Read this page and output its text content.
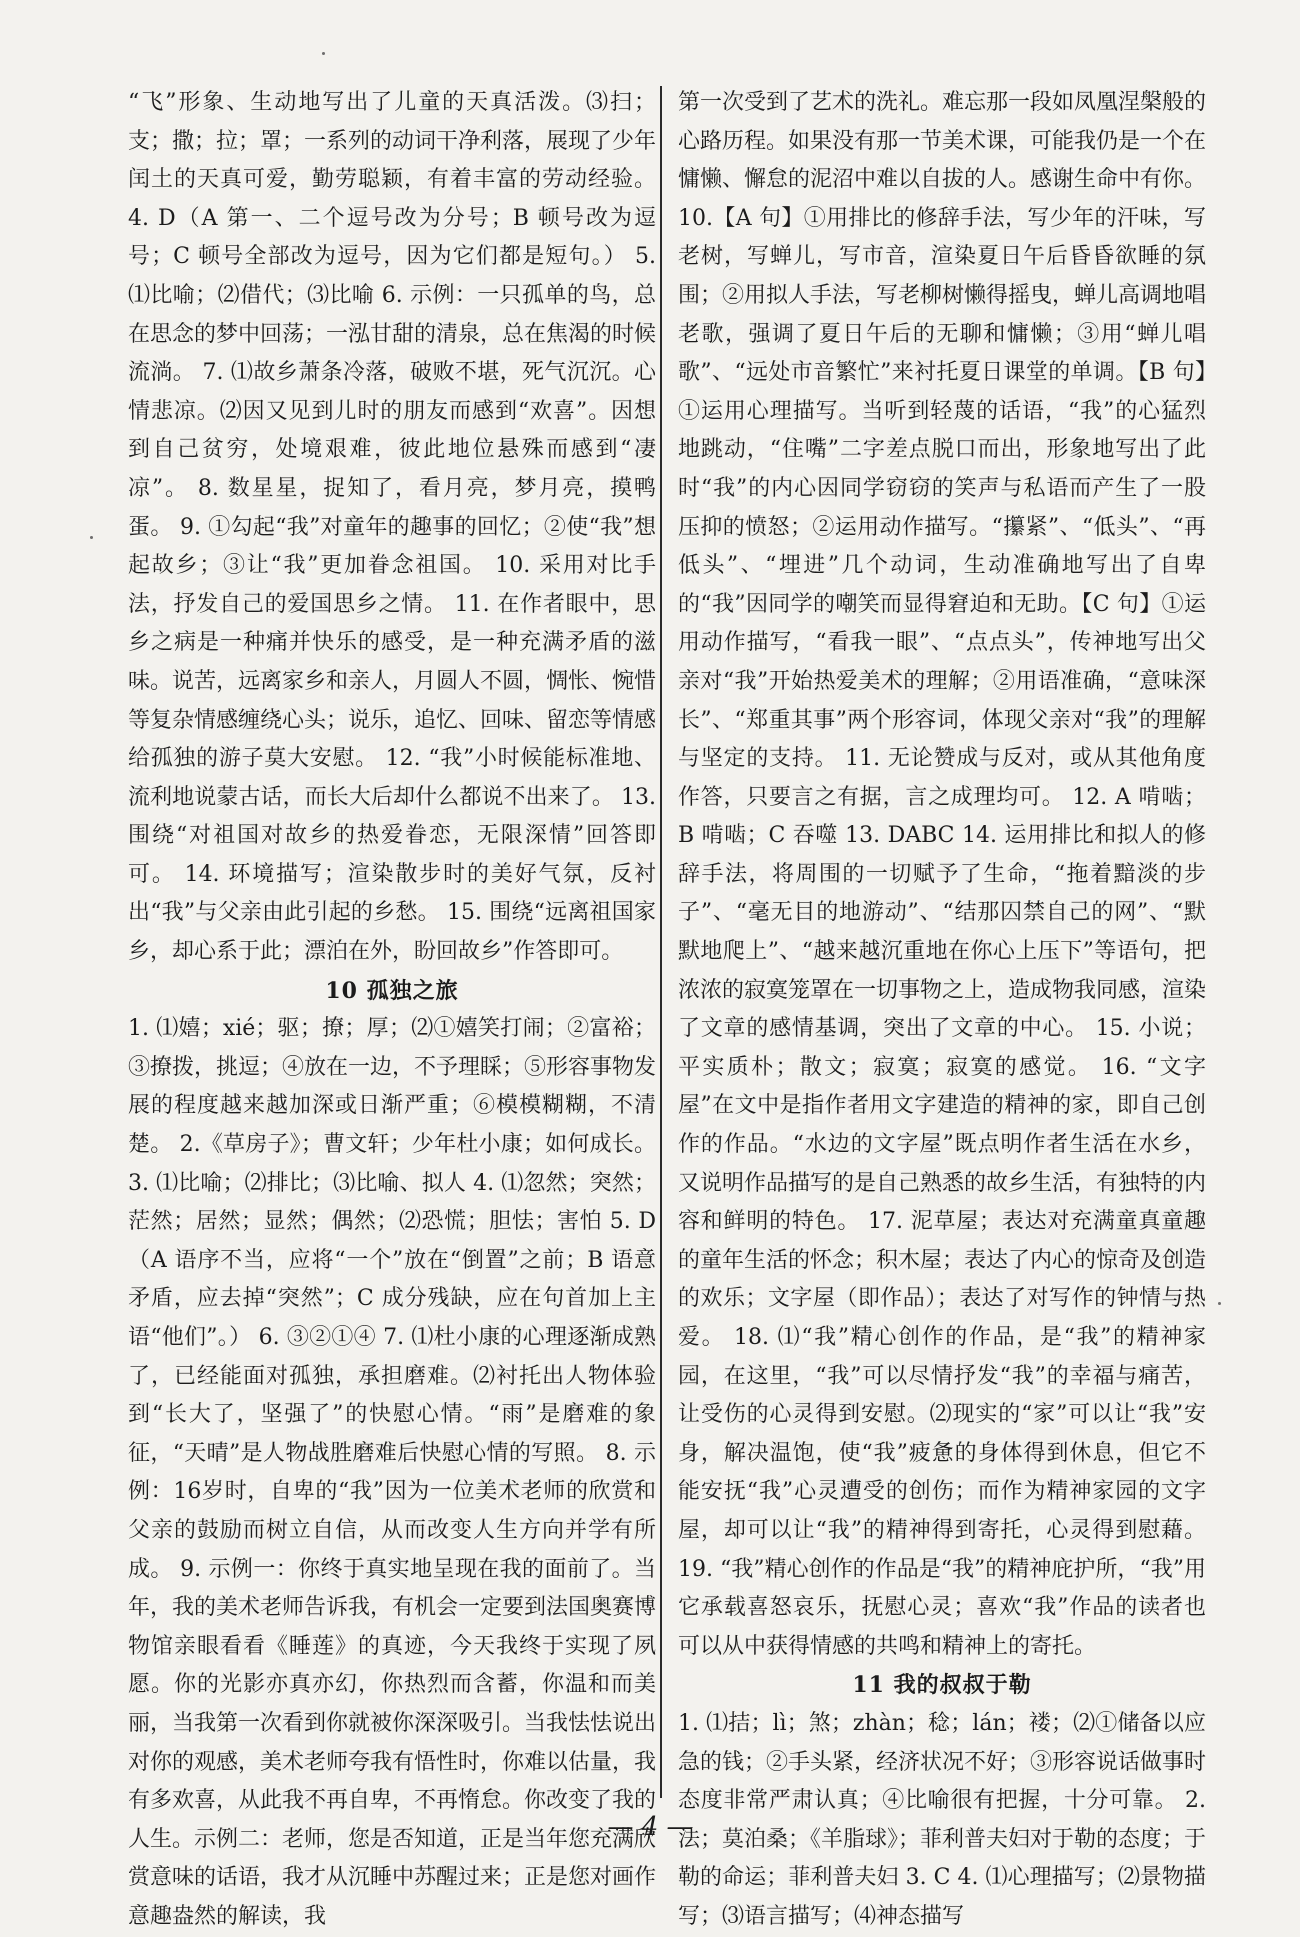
“飞”形象、生动地写出了儿童的天真活泼。⑶扫；支；撒；拉；罩；一系列的动词干净利落，展现了少年闰土的天真可爱，勤劳聪颖，有着丰富的劳动经验。 4. D（A 第一、二个逗号改为分号；B 顿号改为逗号；C 顿号全部改为逗号，因为它们都是短句。） 5. ⑴比喻；⑵借代；⑶比喻 6. 示例：一只孤单的鸟，总在思念的梦中回荡；一泓甘甜的清泉，总在焦渴的时候流淌。 7. ⑴故乡萧条冷落，破败不堪，死气沉沉。心情悲凉。⑵因又见到儿时的朋友而感到“欢喜”。因想到自己贫穷，处境艰难，彼此地位悬殊而感到“凄凉”。 8. 数星星，捉知了，看月亮，梦月亮，摸鸭蛋。 9. ①勾起“我”对童年的趣事的回忆；②使“我”想起故乡；③让“我”更加眷念祖国。 10. 采用对比手法，抒发自己的爱国思乡之情。 11. 在作者眼中，思乡之病是一种痛并快乐的感受，是一种充满矛盾的滋味。说苦，远离家乡和亲人，月圆人不圆，惆怅、惋惜等复杂情感缠绕心头；说乐，追忆、回味、留恋等情感给孤独的游子莫大安慰。 12. “我”小时候能标准地、流利地说蒙古话，而长大后却什么都说不出来了。 13. 围绕“对祖国对故乡的热爱眷恋，无限深情”回答即可。 14. 环境描写；渲染散步时的美好气氛，反衬出“我”与父亲由此引起的乡愁。 15. 围绕“远离祖国家乡，却心系于此；漂泊在外，盼回故乡”作答即可。

10 孤独之旅

1. ⑴嬉；xié；驱；撩；厚；⑵①嬉笑打闹；②富裕；③撩拨，挑逗；④放在一边，不予理睬；⑤形容事物发展的程度越来越加深或日渐严重；⑥模模糊糊，不清楚。 2.《草房子》；曹文轩；少年杜小康；如何成长。 3. ⑴比喻；⑵排比；⑶比喻、拟人 4. ⑴忽然；突然；茫然；居然；显然；偶然；⑵恐慌；胆怯；害怕 5. D（A 语序不当，应将“一个”放在“倒置”之前；B 语意矛盾，应去掉“突然”；C 成分残缺，应在句首加上主语“他们”。） 6. ③②①④ 7. ⑴杜小康的心理逐渐成熟了，已经能面对孤独，承担磨难。⑵衬托出人物体验到“长大了，坚强了”的快慰心情。“雨”是磨难的象征，“天晴”是人物战胜磨难后快慰心情的写照。 8. 示例：16岁时，自卑的“我”因为一位美术老师的欣赏和父亲的鼓励而树立自信，从而改变人生方向并学有所成。 9. 示例一：你终于真实地呈现在我的面前了。当年，我的美术老师告诉我，有机会一定要到法国奥赛博物馆亲眼看看《睡莲》的真迹，今天我终于实现了夙愿。你的光影亦真亦幻，你热烈而含蓄，你温和而美丽，当我第一次看到你就被你深深吸引。当我怯怯说出对你的观感，美术老师夸我有悟性时，你难以估量，我有多欢喜，从此我不再自卑，不再惰怠。你改变了我的人生。示例二：老师，您是否知道，正是当年您充满欣赏意味的话语，我才从沉睡中苏醒过来；正是您对画作意趣盎然的解读，我

第一次受到了艺术的洗礼。难忘那一段如凤凰涅槃般的心路历程。如果没有那一节美术课，可能我仍是一个在慵懒、懈怠的泥沼中难以自拔的人。感谢生命中有你。 10.【A 句】①用排比的修辞手法，写少年的汗味，写老树，写蝉儿，写市音，渲染夏日午后昏昏欲睡的氛围；②用拟人手法，写老柳树懒得摇曳，蝉儿高调地唱老歌，强调了夏日午后的无聊和慵懒；③用“蝉儿唱歌”、“远处市音繁忙”来衬托夏日课堂的单调。【B 句】①运用心理描写。当听到轻蔑的话语，“我”的心猛烈地跳动，“住嘴”二字差点脱口而出，形象地写出了此时“我”的内心因同学窃窃的笑声与私语而产生了一股压抑的愤怒；②运用动作描写。“攥紧”、“低头”、“再低头”、“埋进”几个动词，生动准确地写出了自卑的“我”因同学的嘲笑而显得窘迫和无助。【C 句】①运用动作描写，“看我一眼”、“点点头”，传神地写出父亲对“我”开始热爱美术的理解；②用语准确，“意味深长”、“郑重其事”两个形容词，体现父亲对“我”的理解与坚定的支持。 11. 无论赞成与反对，或从其他角度作答，只要言之有据，言之成理均可。 12. A 啃啮；B 啃啮；C 吞噬 13. DABC 14. 运用排比和拟人的修辞手法，将周围的一切赋予了生命，“拖着黯淡的步子”、“毫无目的地游动”、“结那囚禁自己的网”、“默默地爬上”、“越来越沉重地在你心上压下”等语句，把浓浓的寂寞笼罩在一切事物之上，造成物我同感，渲染了文章的感情基调，突出了文章的中心。 15. 小说；平实质朴；散文；寂寞；寂寞的感觉。 16. “文字屋”在文中是指作者用文字建造的精神的家，即自己创作的作品。“水边的文字屋”既点明作者生活在水乡，又说明作品描写的是自己熟悉的故乡生活，有独特的内容和鲜明的特色。 17. 泥草屋；表达对充满童真童趣的童年生活的怀念；积木屋；表达了内心的惊奇及创造的欢乐；文字屋（即作品）；表达了对写作的钟情与热爱。 18. ⑴“我”精心创作的作品，是“我”的精神家园，在这里，“我”可以尽情抒发“我”的幸福与痛苦，让受伤的心灵得到安慰。⑵现实的“家”可以让“我”安身，解决温饱，使“我”疲惫的身体得到休息，但它不能安抚“我”心灵遭受的创伤；而作为精神家园的文字屋，却可以让“我”的精神得到寄托，心灵得到慰藉。 19. “我”精心创作的作品是“我”的精神庇护所，“我”用它承载喜怒哀乐，抚慰心灵；喜欢“我”作品的读者也可以从中获得情感的共鸣和精神上的寄托。

11 我的叔叔于勒

1. ⑴拮；lì；煞；zhàn；稔；lán；褛；⑵①储备以应急的钱；②手头紧，经济状况不好；③形容说话做事时态度非常严肃认真；④比喻很有把握，十分可靠。 2. 法；莫泊桑；《羊脂球》；菲利普夫妇对于勒的态度；于勒的命运；菲利普夫妇 3. C 4. ⑴心理描写；⑵景物描写；⑶语言描写；⑷神态描写

— 4 —
